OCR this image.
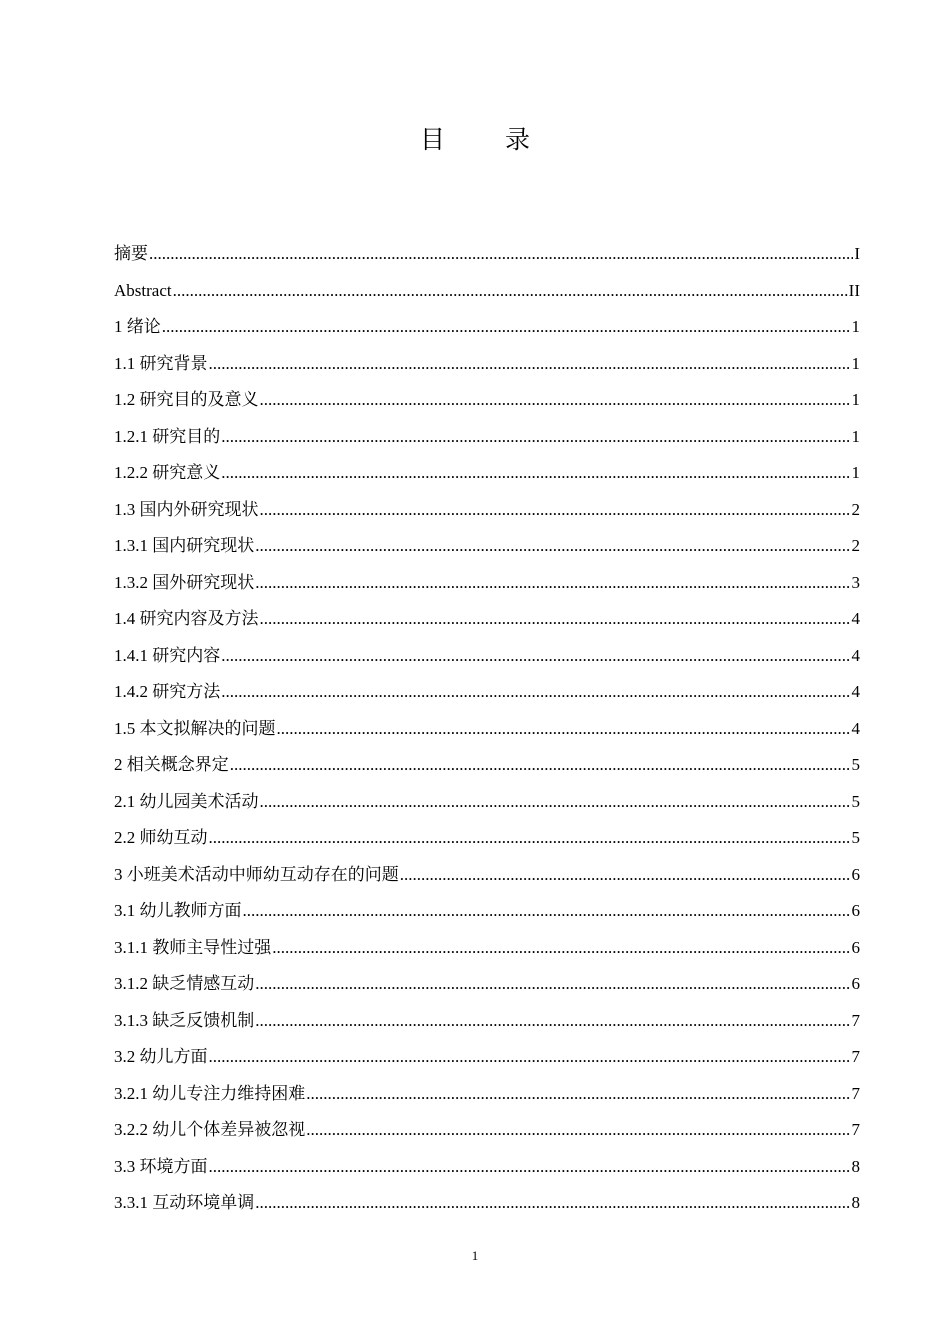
目 录
摘要 .....	I
Abstract .....	II
1 绪论 .....	1
1.1 研究背景 .....	1
1.2 研究目的及意义 .....	1
1.2.1 研究目的 .....	1
1.2.2 研究意义 .....	1
1.3 国内外研究现状 .....	2
1.3.1 国内研究现状 .....	2
1.3.2 国外研究现状 .....	3
1.4 研究内容及方法 .....	4
1.4.1 研究内容 .....	4
1.4.2 研究方法 .....	4
1.5 本文拟解决的问题 .....	4
2 相关概念界定 .....	5
2.1 幼儿园美术活动 .....	5
2.2 师幼互动 .....	5
3 小班美术活动中师幼互动存在的问题 .....	6
3.1 幼儿教师方面 .....	6
3.1.1 教师主导性过强 .....	6
3.1.2 缺乏情感互动 .....	6
3.1.3 缺乏反馈机制 .....	7
3.2 幼儿方面 .....	7
3.2.1 幼儿专注力维持困难 .....	7
3.2.2 幼儿个体差异被忽视 .....	7
3.3 环境方面 .....	8
3.3.1 互动环境单调 .....	8
1
